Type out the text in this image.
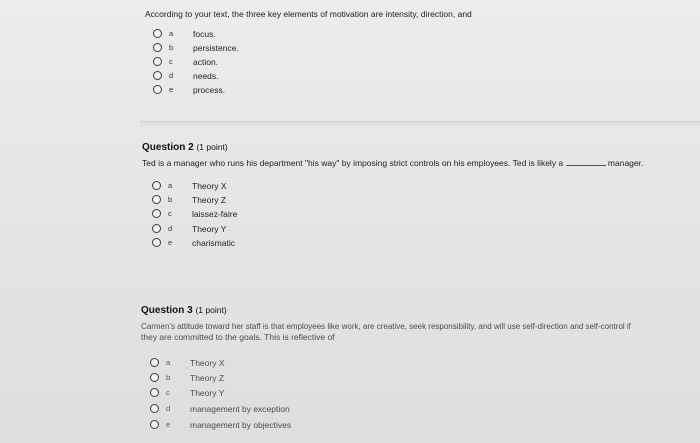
According to your text, the three key elements of motivation are intensity, direction, and
a focus.
b persistence.
c action.
d needs.
e process.
Question 2 (1 point)
Ted is a manager who runs his department "his way" by imposing strict controls on his employees. Ted is likely a	manager.
a Theory X
b Theory Z
c laissez-faire
d Theory Y
e charismatic
Question 3 (1 point)
Carmen's attitude toward her staff is that employees like work, are creative, seek responsibility, and will use self-direction and self-control if
they are committed to the goals. This is reflective of
a Theory X
b Theory Z
c Theory Y
d management by exception
e management by objectives
